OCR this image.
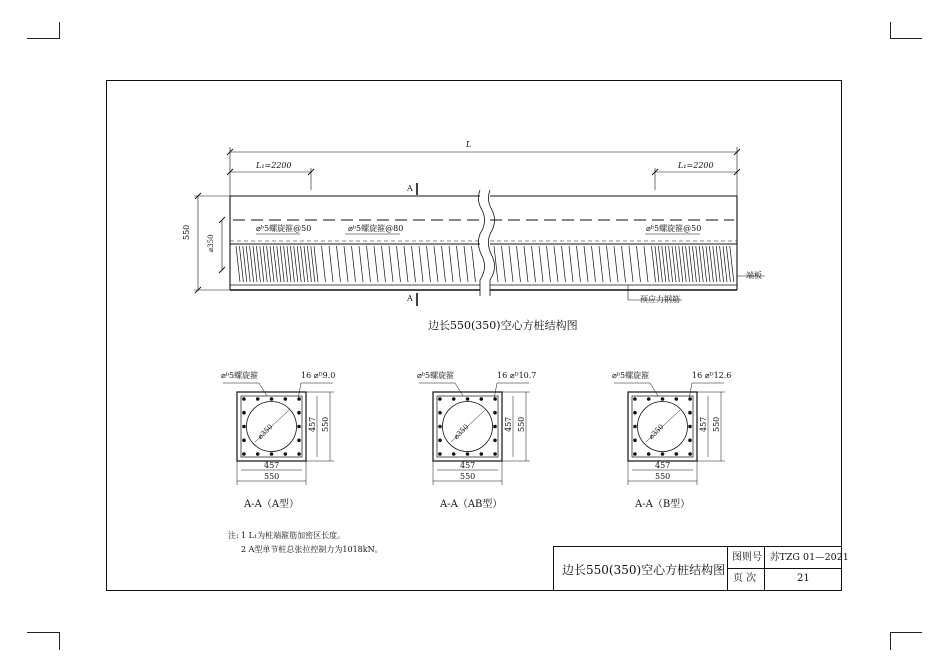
L
L₁=2200	L₁=2200
A
A
550
⌀350
⌀ᵇ5螺旋箍@50	⌀ᵇ5螺旋箍@80	⌀ᵇ5螺旋箍@50
端板
预应力钢筋
边长550(350)空心方桩结构图
⌀ᵇ5螺旋箍	16 ⌀ᴰ9.0
⌀350
457
550
457 550
A-A（A型）
⌀ᵇ5螺旋箍	16 ⌀ᴰ10.7
⌀350
457
550
457 550
A-A（AB型）
⌀ᵇ5螺旋箍	16 ⌀ᴰ12.6
⌀350
457
550
457 550
A-A（B型）
注: 1 L₁为桩端箍筋加密区长度。
2 A型单节桩总张拉控制力为1018kN。
边长550(350)空心方桩结构图
图则号 苏TZG 01—2021
页 次	21
